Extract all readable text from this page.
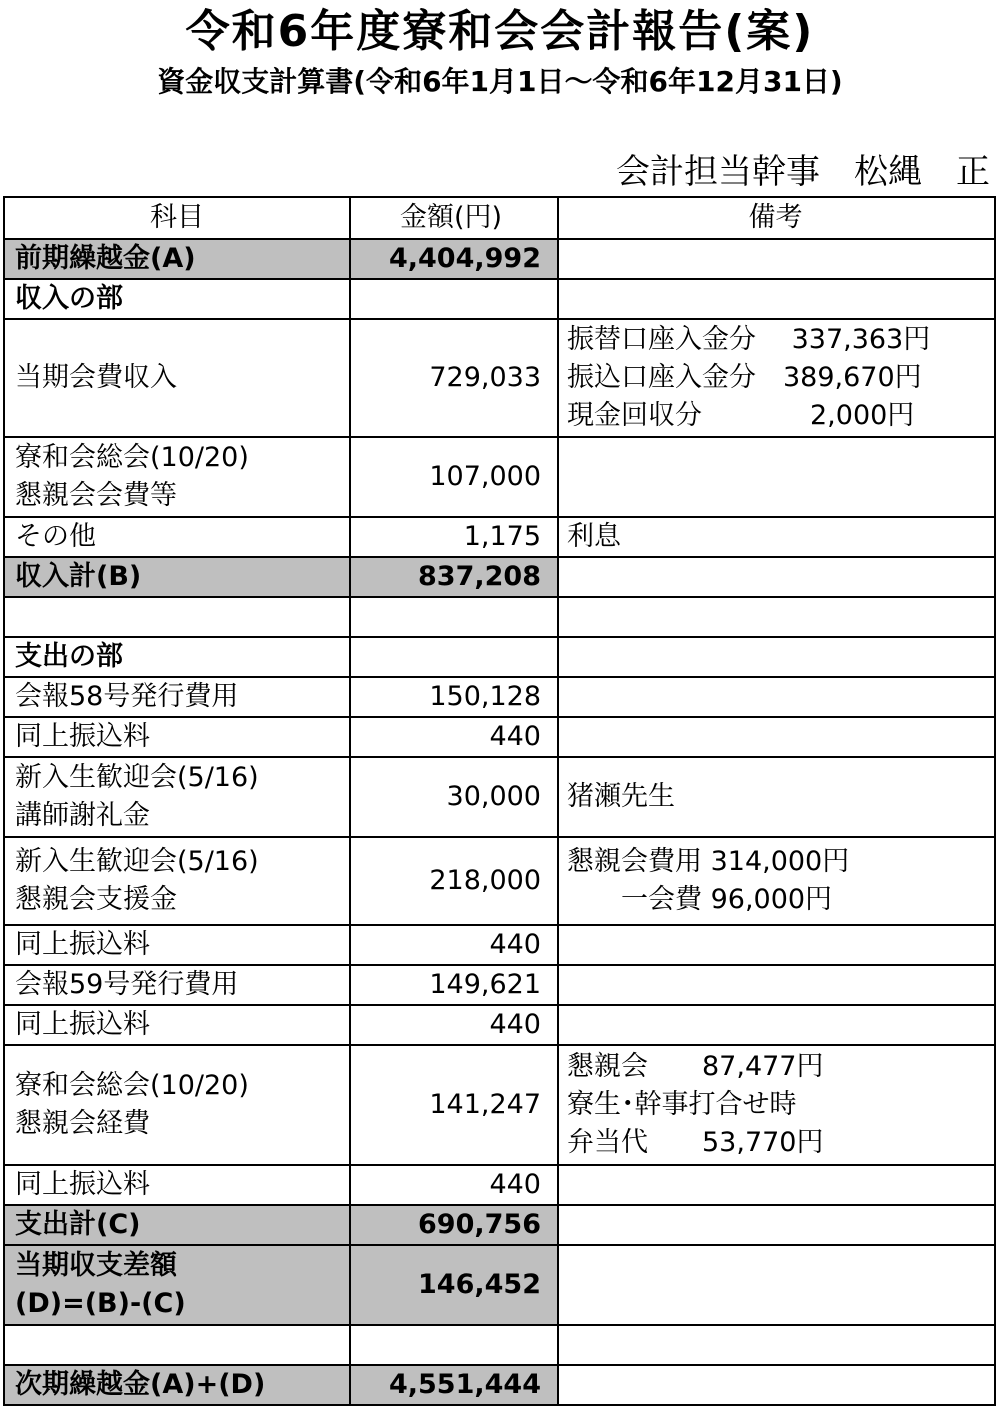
令和6年度寮和会会計報告(案)
資金収支計算書(令和6年1月1日～令和6年12月31日)
会計担当幹事　松縄　正
科目	金額(円)	備考
前期繰越金(A)	4,404,992	
収入の部		
当期会費収入	729,033	振替口座入金分　 337,363円
振込口座入金分　389,670円
現金回収分　　　　2,000円

寮和会総会(10/20)
懇親会会費等	107,000	
その他	1,175	利息
収入計(B)	837,208	

支出の部		
会報58号発行費用	150,128	
同上振込料	440	

新入生歓迎会(5/16)
講師謝礼金	30,000	猪瀬先生

新入生歓迎会(5/16)
懇親会支援金	218,000	懇親会費用 314,000円
　　一会費 96,000円

同上振込料	440	
会報59号発行費用	149,621	
同上振込料	440	

寮和会総会(10/20)
懇親会経費	141,247	懇親会　　87,477円
寮生･幹事打合せ時
弁当代　　53,770円

同上振込料	440	
支出計(C)	690,756	

当期収支差額
(D)=(B)-(C)	146,452	

次期繰越金(A)+(D)	4,551,444	
